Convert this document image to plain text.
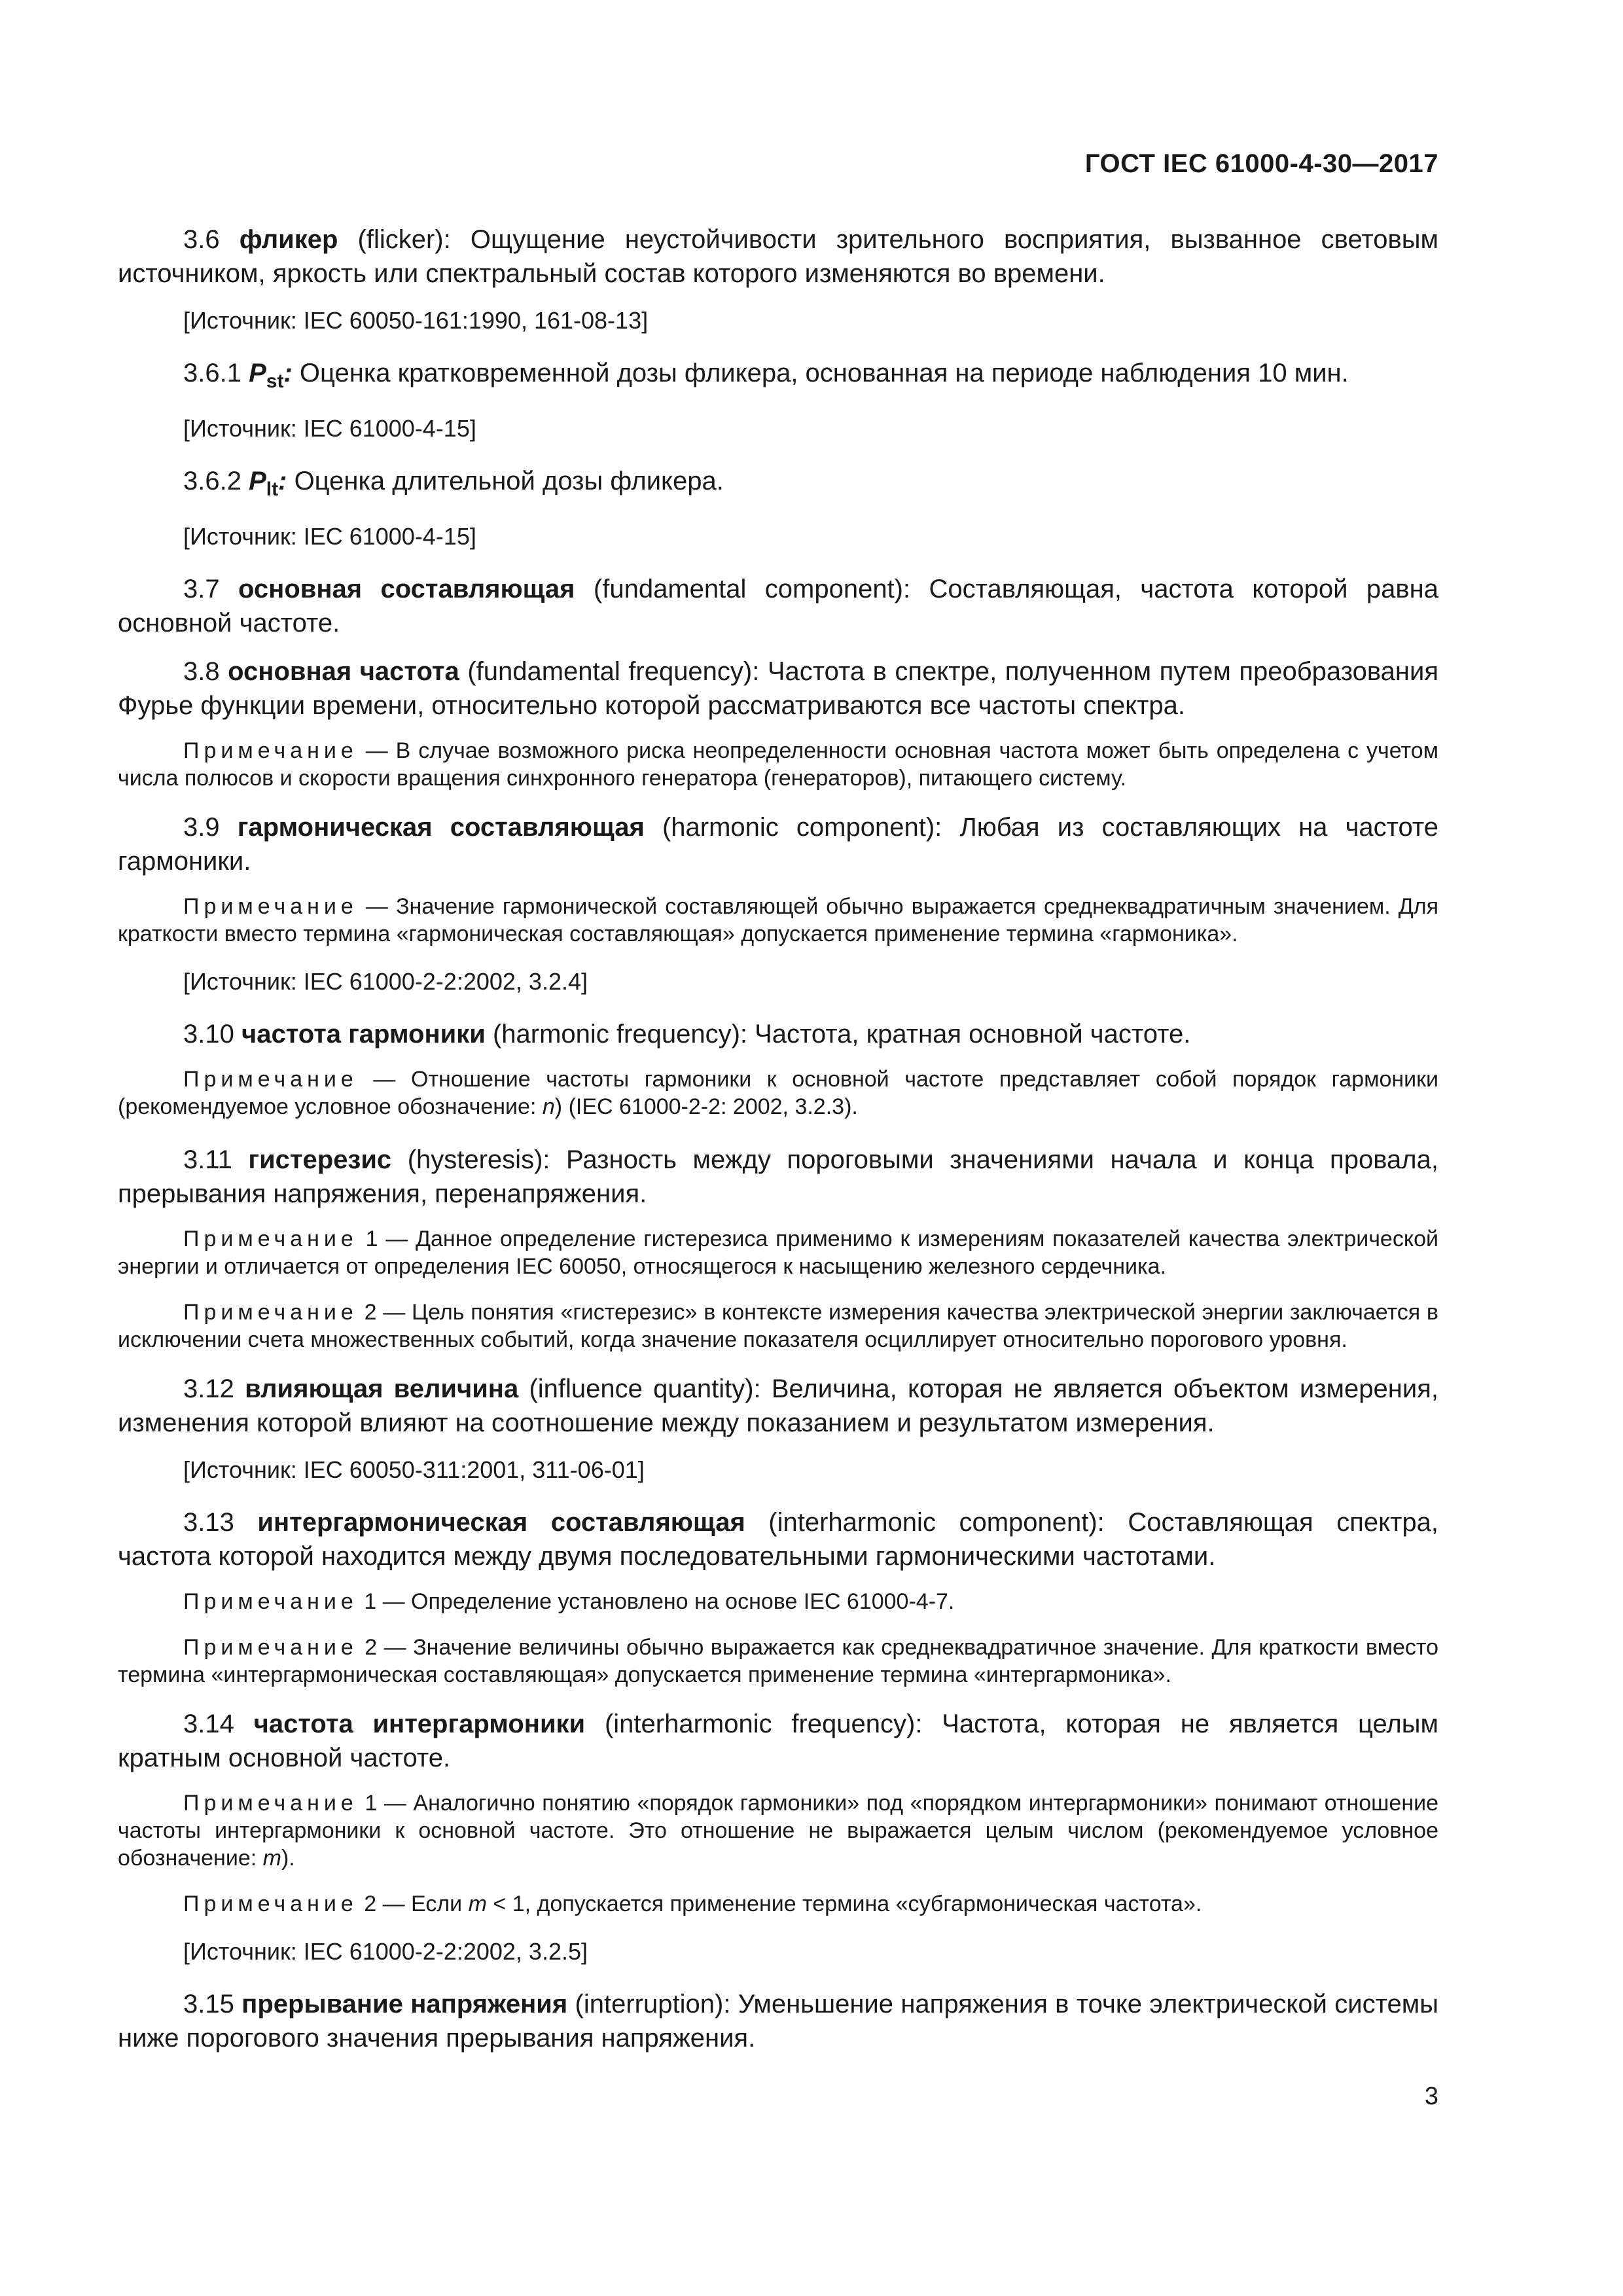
ГОСТ IEC 61000-4-30—2017

3.6 фликер (flicker): Ощущение неустойчивости зрительного восприятия, вызванное световым источником, яркость или спектральный состав которого изменяются во времени.

[Источник: IEC 60050-161:1990, 161-08-13]

3.6.1 $P_{st}$: Оценка кратковременной дозы фликера, основанная на периоде наблюдения 10 мин.

[Источник: IEC 61000-4-15]

3.6.2 $P_{lt}$: Оценка длительной дозы фликера.

[Источник: IEC 61000-4-15]

3.7 основная составляющая (fundamental component): Составляющая, частота которой равна основной частоте.

3.8 основная частота (fundamental frequency): Частота в спектре, полученном путем преобразования Фурье функции времени, относительно которой рассматриваются все частоты спектра.

Примечание — В случае возможного риска неопределенности основная частота может быть определена с учетом числа полюсов и скорости вращения синхронного генератора (генераторов), питающего систему.

3.9 гармоническая составляющая (harmonic component): Любая из составляющих на частоте гармоники.

Примечание — Значение гармонической составляющей обычно выражается среднеквадратичным значением. Для краткости вместо термина «гармоническая составляющая» допускается применение термина «гармоника».

[Источник: IEC 61000-2-2:2002, 3.2.4]

3.10 частота гармоники (harmonic frequency): Частота, кратная основной частоте.

Примечание — Отношение частоты гармоники к основной частоте представляет собой порядок гармоники (рекомендуемое условное обозначение: n) (IEC 61000-2-2: 2002, 3.2.3).

3.11 гистерезис (hysteresis): Разность между пороговыми значениями начала и конца провала, прерывания напряжения, перенапряжения.

Примечание 1 — Данное определение гистерезиса применимо к измерениям показателей качества электрической энергии и отличается от определения IEC 60050, относящегося к насыщению железного сердечника.

Примечание 2 — Цель понятия «гистерезис» в контексте измерения качества электрической энергии заключается в исключении счета множественных событий, когда значение показателя осциллирует относительно порогового уровня.

3.12 влияющая величина (influence quantity): Величина, которая не является объектом измерения, изменения которой влияют на соотношение между показанием и результатом измерения.

[Источник: IEC 60050-311:2001, 311-06-01]

3.13 интергармоническая составляющая (interharmonic component): Составляющая спектра, частота которой находится между двумя последовательными гармоническими частотами.

Примечание 1 — Определение установлено на основе IEC 61000-4-7.

Примечание 2 — Значение величины обычно выражается как среднеквадратичное значение. Для краткости вместо термина «интергармоническая составляющая» допускается применение термина «интергармоника».

3.14 частота интергармоники (interharmonic frequency): Частота, которая не является целым кратным основной частоте.

Примечание 1 — Аналогично понятию «порядок гармоники» под «порядком интергармоники» понимают отношение частоты интергармоники к основной частоте. Это отношение не выражается целым числом (рекомендуемое условное обозначение: m).

Примечание 2 — Если m < 1, допускается применение термина «субгармоническая частота».

[Источник: IEC 61000-2-2:2002, 3.2.5]

3.15 прерывание напряжения (interruption): Уменьшение напряжения в точке электрической системы ниже порогового значения прерывания напряжения.

3
